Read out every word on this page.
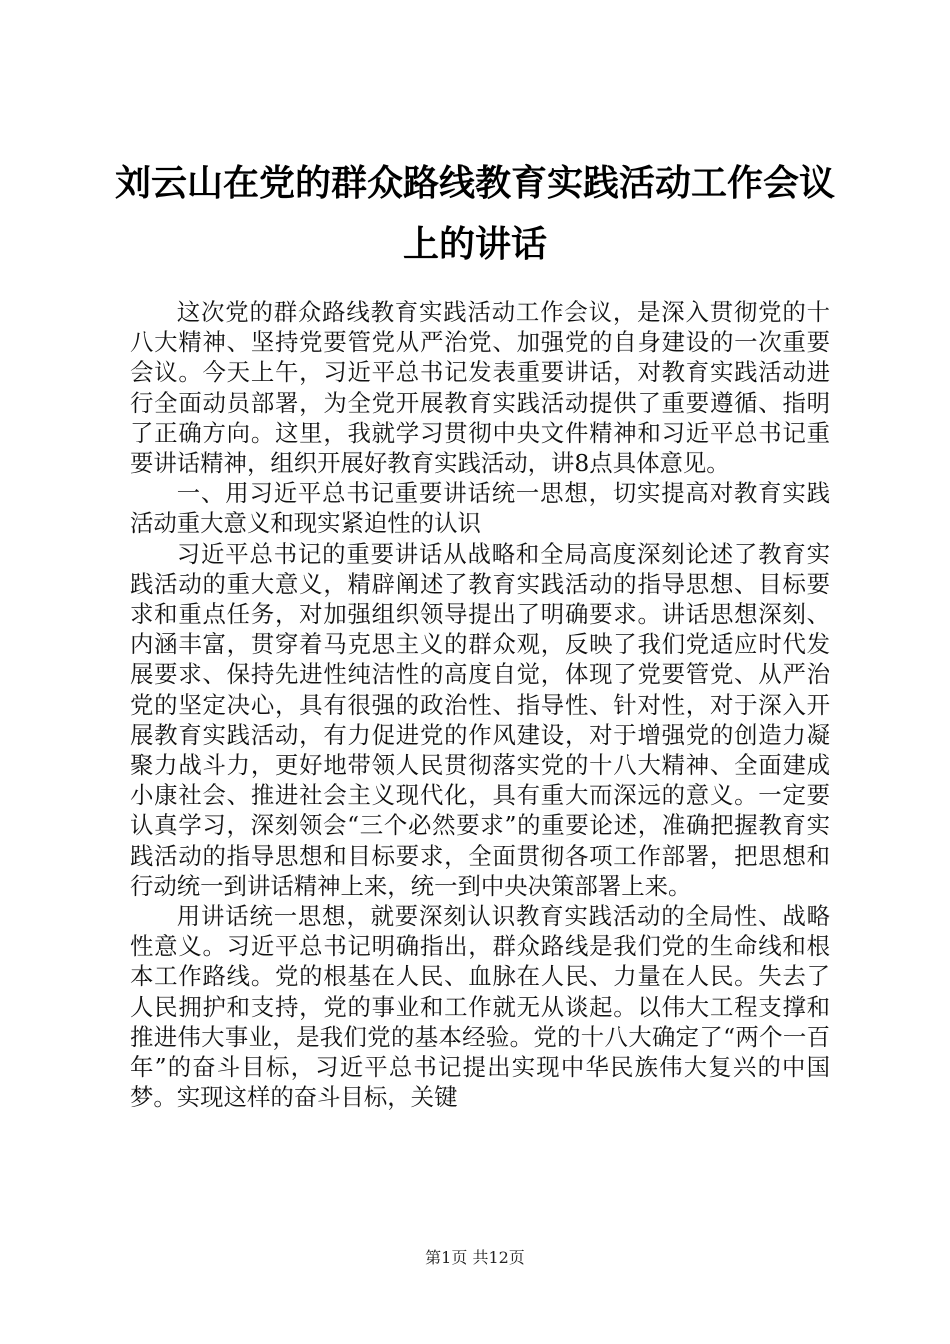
刘云山在党的群众路线教育实践活动工作会议
上的讲话

这次党的群众路线教育实践活动工作会议，是深入贯彻党的十八大精神、坚持党要管党从严治党、加强党的自身建设的一次重要会议。今天上午，习近平总书记发表重要讲话，对教育实践活动进行全面动员部署，为全党开展教育实践活动提供了重要遵循、指明了正确方向。这里，我就学习贯彻中央文件精神和习近平总书记重要讲话精神，组织开展好教育实践活动，讲8点具体意见。

一、用习近平总书记重要讲话统一思想，切实提高对教育实践活动重大意义和现实紧迫性的认识

习近平总书记的重要讲话从战略和全局高度深刻论述了教育实践活动的重大意义，精辟阐述了教育实践活动的指导思想、目标要求和重点任务，对加强组织领导提出了明确要求。讲话思想深刻、内涵丰富，贯穿着马克思主义的群众观，反映了我们党适应时代发展要求、保持先进性纯洁性的高度自觉，体现了党要管党、从严治党的坚定决心，具有很强的政治性、指导性、针对性，对于深入开展教育实践活动，有力促进党的作风建设，对于增强党的创造力凝聚力战斗力，更好地带领人民贯彻落实党的十八大精神、全面建成小康社会、推进社会主义现代化，具有重大而深远的意义。一定要认真学习，深刻领会“三个必然要求”的重要论述，准确把握教育实践活动的指导思想和目标要求，全面贯彻各项工作部署，把思想和行动统一到讲话精神上来，统一到中央决策部署上来。

用讲话统一思想，就要深刻认识教育实践活动的全局性、战略性意义。习近平总书记明确指出，群众路线是我们党的生命线和根本工作路线。党的根基在人民、血脉在人民、力量在人民。失去了人民拥护和支持，党的事业和工作就无从谈起。以伟大工程支撑和推进伟大事业，是我们党的基本经验。党的十八大确定了“两个一百年”的奋斗目标，习近平总书记提出实现中华民族伟大复兴的中国梦。实现这样的奋斗目标，关键

第1页 共12页
